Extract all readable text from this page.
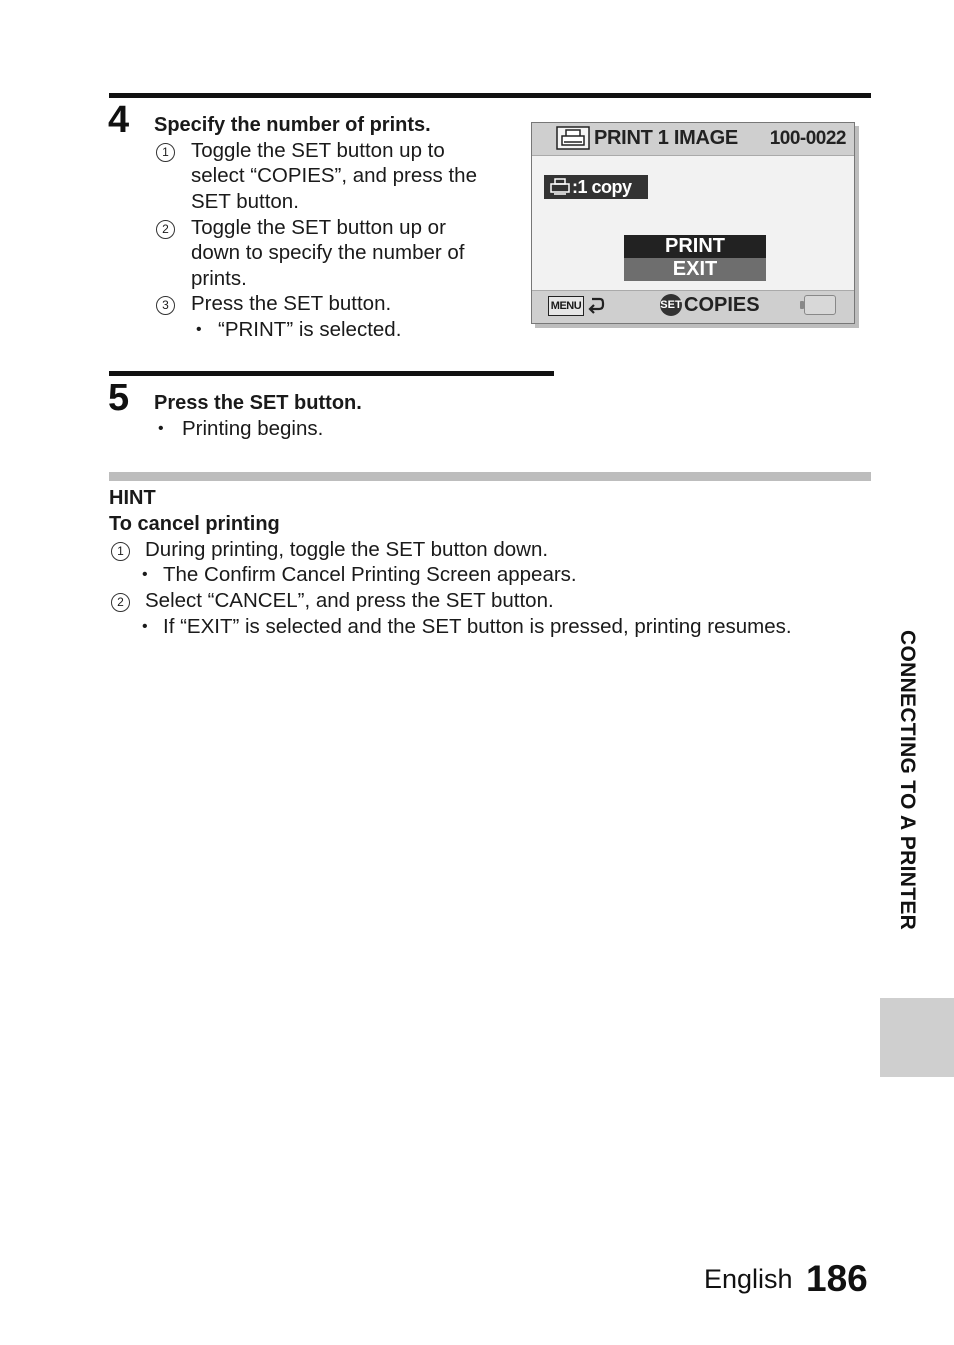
4 Specify the number of prints.
1	Toggle the SET button up to
select “COPIES”, and press the
SET button.
2	Toggle the SET button up or
down to specify the number of
prints.
3	Press the SET button.
• “PRINT” is selected.
PRINT 1 IMAGE 100-0022
:1 copy
PRINT
EXIT
MENU	SET COPIES
5 Press the SET button.
• Printing begins.
HINT
To cancel printing
1	During printing, toggle the SET button down.
• The Confirm Cancel Printing Screen appears.
2	Select “CANCEL”, and press the SET button.
• If “EXIT” is selected and the SET button is pressed, printing resumes.
CONNECTING TO A PRINTER
English 186
